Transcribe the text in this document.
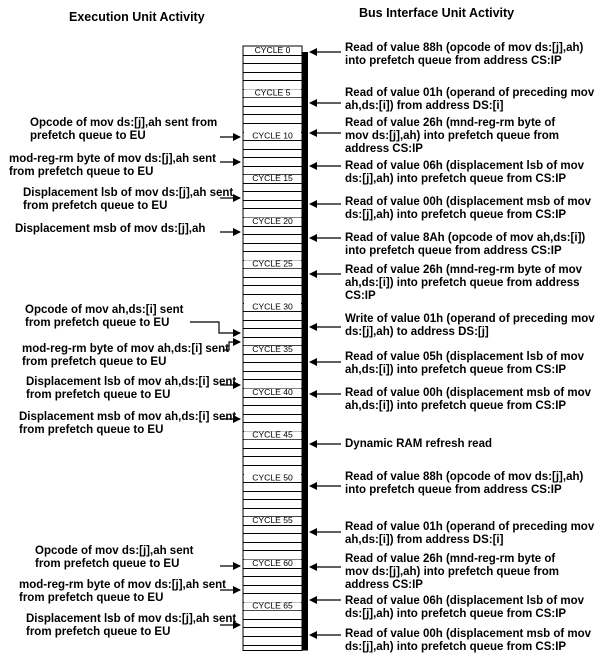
Execution Unit Activity	Bus Interface Unit Activity
CYCLE 0
CYCLE 5
CYCLE 10
CYCLE 15
CYCLE 20
CYCLE 25
CYCLE 30
CYCLE 35
CYCLE 40
CYCLE 45
CYCLE 50
CYCLE 55
CYCLE 60
CYCLE 65
Opcode of mov ds:[j],ah sent from prefetch queue to EU
mod-reg-rm byte of mov ds:[j],ah sent from prefetch queue to EU
Displacement lsb of mov ds:[j],ah sent from prefetch queue to EU
Displacement msb of mov ds:[j],ah
Opcode of mov ah,ds:[i] sent from prefetch queue to EU
mod-reg-rm byte of mov ah,ds:[i] sent from prefetch queue to EU
Displacement lsb of mov ah,ds:[i] sent from prefetch queue to EU
Displacement msb of mov ah,ds:[i] sent from prefetch queue to EU
Opcode of mov ds:[j],ah sent from prefetch queue to EU
mod-reg-rm byte of mov ds:[j],ah sent from prefetch queue to EU
Displacement lsb of mov ds:[j],ah sent from prefetch queue to EU
Read of value 88h (opcode of mov ds:[j],ah) into prefetch queue from address CS:IP
Read of value 01h (operand of preceding mov ah,ds:[i]) from address DS:[i]
Read of value 26h (mnd-reg-rm byte of mov ds:[j],ah) into prefetch queue from address CS:IP
Read of value 06h (displacement lsb of mov ds:[j],ah) into prefetch queue from CS:IP
Read of value 00h (displacement msb of mov ds:[j],ah) into prefetch queue from CS:IP
Read of value 8Ah (opcode of mov ah,ds:[i]) into prefetch queue from address CS:IP
Read of value 26h (mnd-reg-rm byte of mov ah,ds:[i]) into prefetch queue from address CS:IP
Write of value 01h (operand of preceding mov ds:[j],ah) to address DS:[j]
Read of value 05h (displacement lsb of mov ah,ds:[i]) into prefetch queue from CS:IP
Read of value 00h (displacement msb of mov ah,ds:[i]) into prefetch queue from CS:IP
Dynamic RAM refresh read
Read of value 88h (opcode of mov ds:[j],ah) into prefetch queue from address CS:IP
Read of value 01h (operand of preceding mov ah,ds:[i]) from address DS:[i]
Read of value 26h (mnd-reg-rm byte of mov ds:[j],ah) into prefetch queue from address CS:IP
Read of value 06h (displacement lsb of mov ds:[j],ah) into prefetch queue from CS:IP
Read of value 00h (displacement msb of mov ds:[j],ah) into prefetch queue from CS:IP
